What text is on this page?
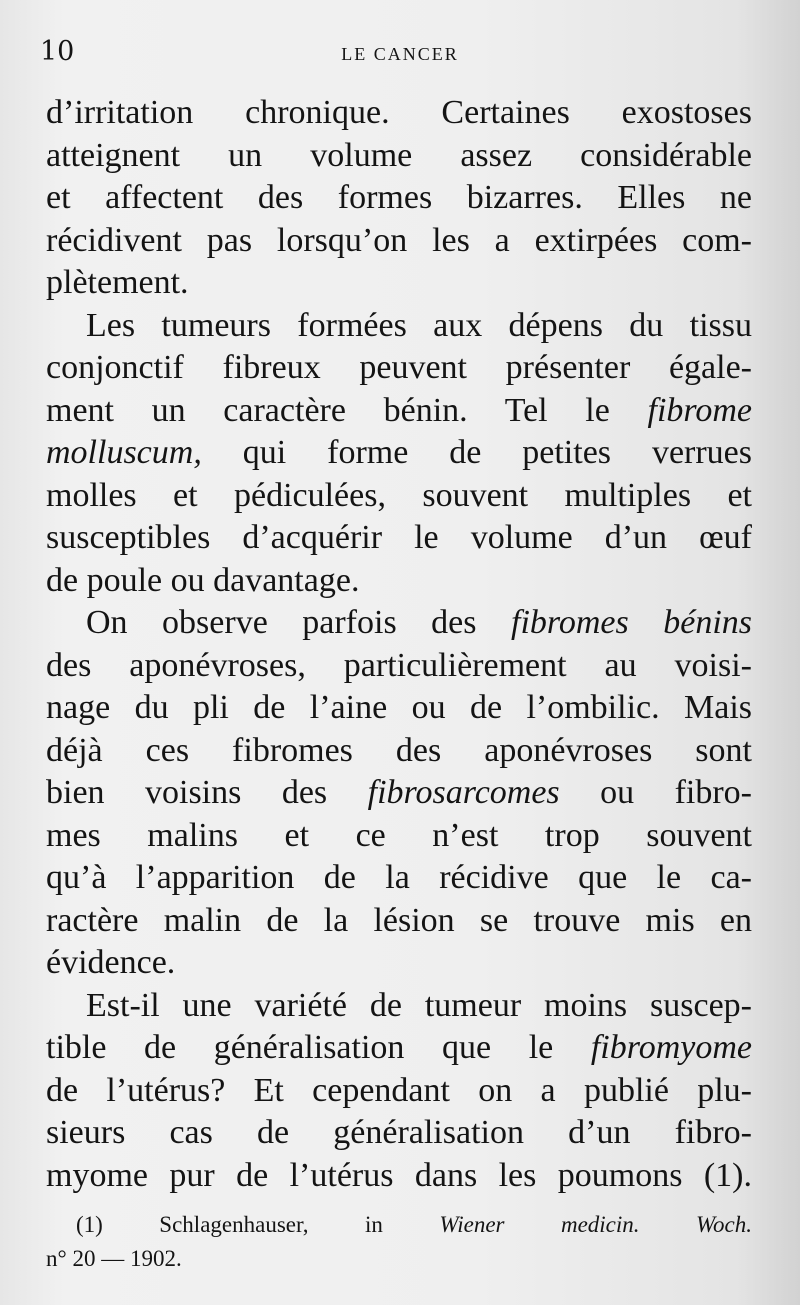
10	LE CANCER
d’irritation chronique. Certaines exostoses
atteignent un volume assez considérable
et affectent des formes bizarres. Elles ne
récidivent pas lorsqu’on les a extirpées com-
plètement.
Les tumeurs formées aux dépens du tissu
conjonctif fibreux peuvent présenter égale-
ment un caractère bénin. Tel le fibrome
molluscum, qui forme de petites verrues
molles et pédiculées, souvent multiples et
susceptibles d’acquérir le volume d’un œuf
de poule ou davantage.
On observe parfois des fibromes bénins
des aponévroses, particulièrement au voisi-
nage du pli de l’aine ou de l’ombilic. Mais
déjà ces fibromes des aponévroses sont
bien voisins des fibrosarcomes ou fibro-
mes malins et ce n’est trop souvent
qu’à l’apparition de la récidive que le ca-
ractère malin de la lésion se trouve mis en
évidence.
Est-il une variété de tumeur moins suscep-
tible de généralisation que le fibromyome
de l’utérus? Et cependant on a publié plu-
sieurs cas de généralisation d’un fibro-
myome pur de l’utérus dans les poumons (1).
(1) Schlagenhauser, in Wiener medicin. Woch.
n° 20 — 1902.
